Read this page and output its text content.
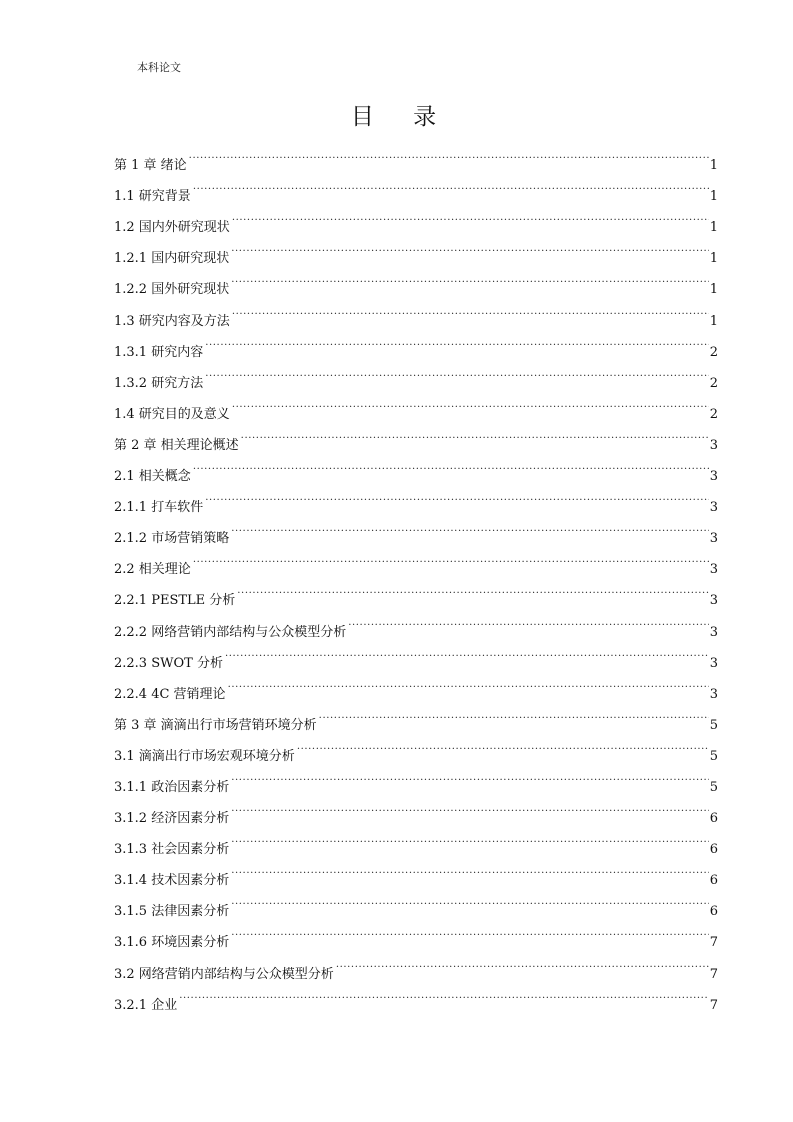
本科论文
目 录
第 1 章 绪论 .....	1
1.1 研究背景 .....	1
1.2 国内外研究现状 .....	1
1.2.1 国内研究现状 .....	1
1.2.2 国外研究现状 .....	1
1.3 研究内容及方法 .....	1
1.3.1 研究内容 .....	2
1.3.2 研究方法 .....	2
1.4 研究目的及意义 .....	2
第 2 章 相关理论概述 .....	3
2.1 相关概念 .....	3
2.1.1 打车软件 .....	3
2.1.2 市场营销策略 .....	3
2.2 相关理论 .....	3
2.2.1 PESTLE 分析 .....	3
2.2.2 网络营销内部结构与公众模型分析 .....	3
2.2.3 SWOT 分析 .....	3
2.2.4 4C 营销理论 .....	3
第 3 章 滴滴出行市场营销环境分析 .....	5
3.1 滴滴出行市场宏观环境分析 .....	5
3.1.1 政治因素分析 .....	5
3.1.2 经济因素分析 .....	6
3.1.3 社会因素分析 .....	6
3.1.4 技术因素分析 .....	6
3.1.5 法律因素分析 .....	6
3.1.6 环境因素分析 .....	7
3.2 网络营销内部结构与公众模型分析 .....	7
3.2.1 企业 .....	7
